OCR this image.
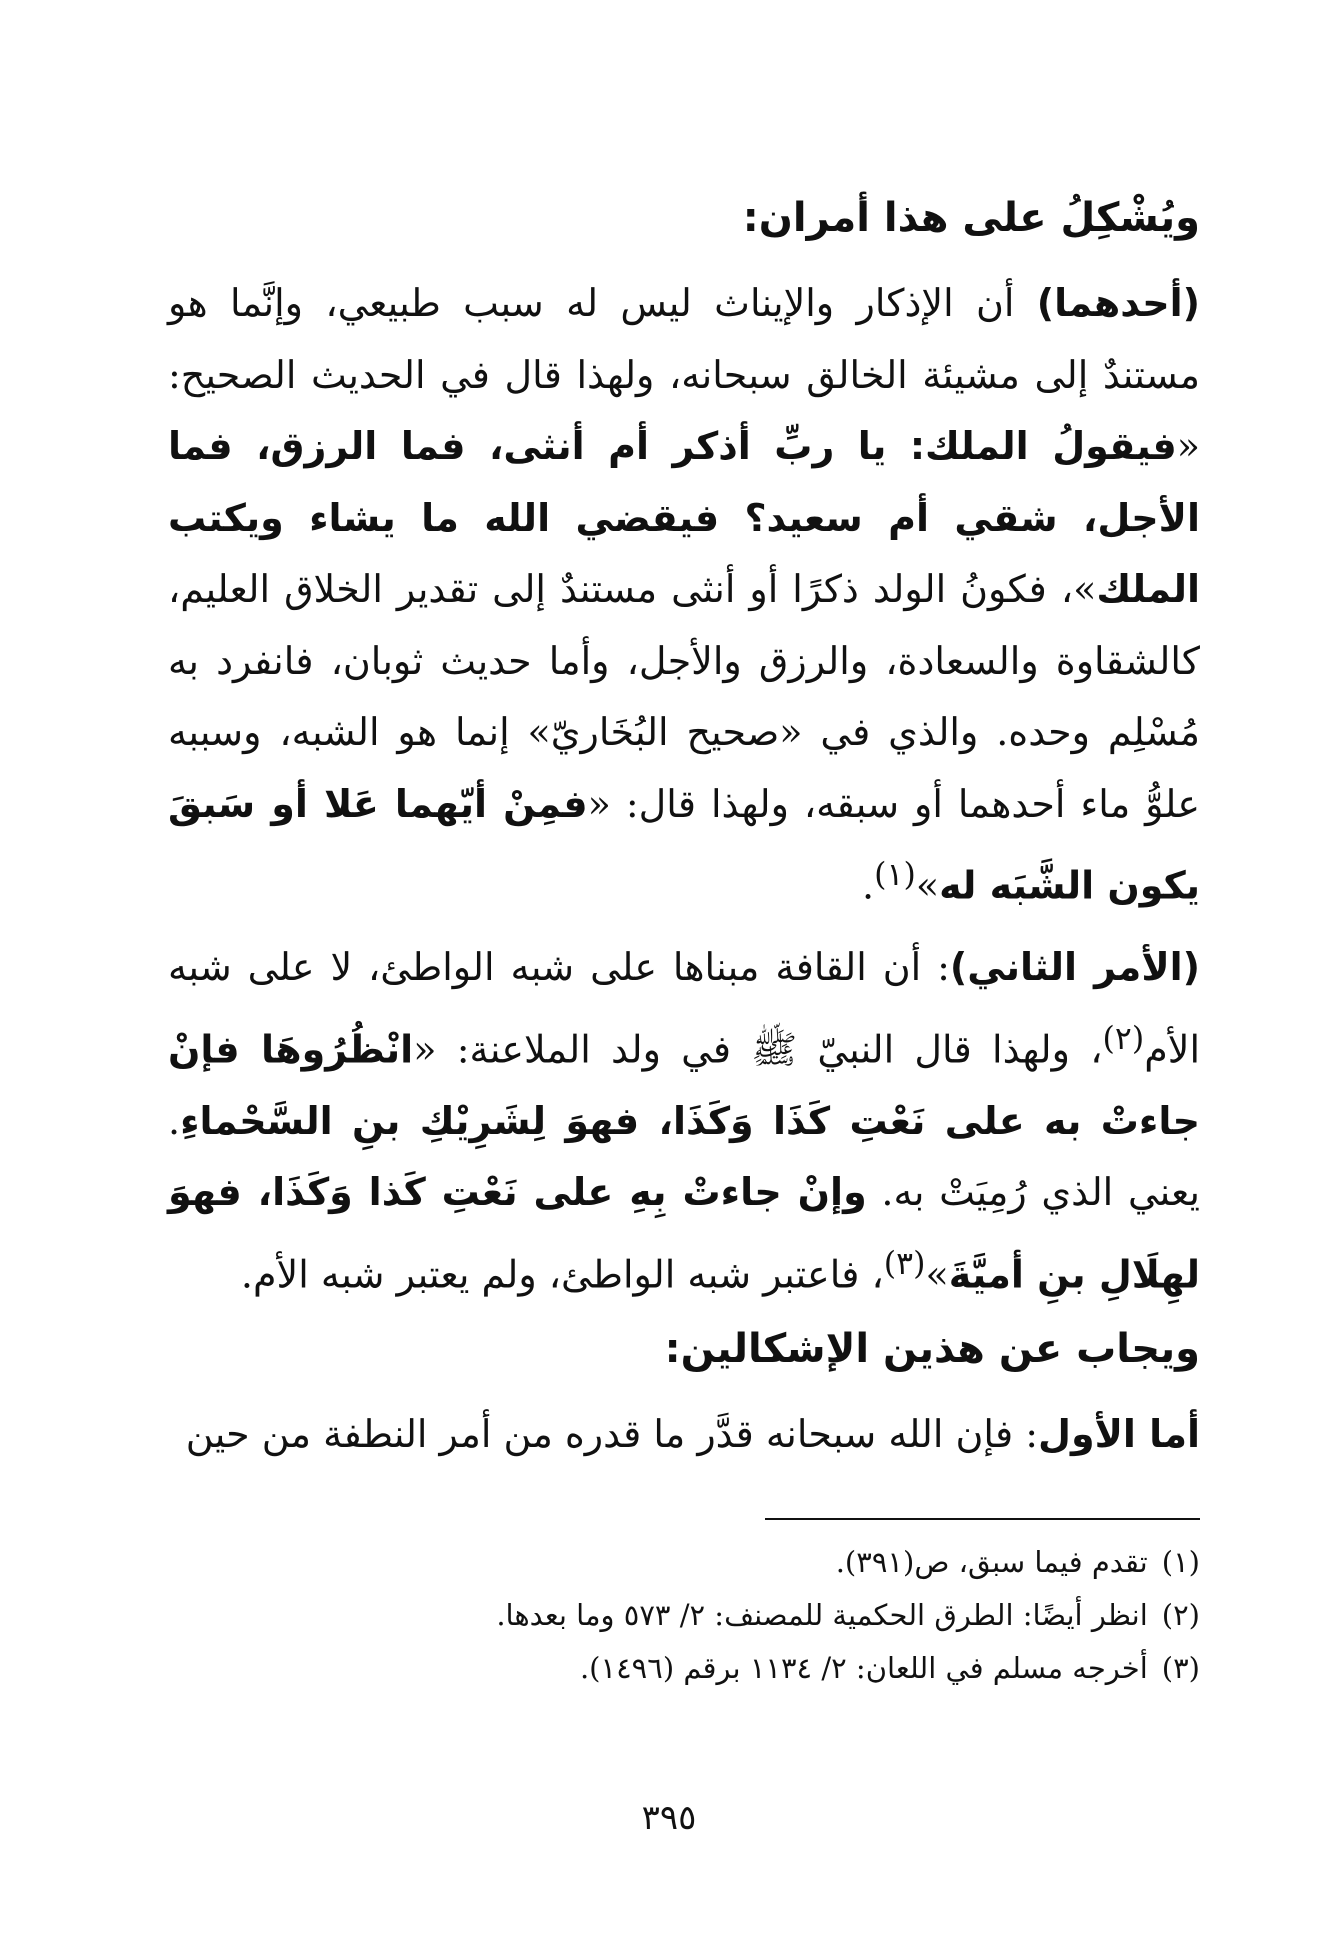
ويُشْكِلُ على هذا أمران:

(أحدهما) أن الإذكار والإيناث ليس له سبب طبيعي، وإنَّما هو مستندٌ إلى مشيئة الخالق سبحانه، ولهذا قال في الحديث الصحيح: «فيقولُ الملك: يا ربِّ أذكر أم أنثى، فما الرزق، فما الأجل، شقي أم سعيد؟ فيقضي الله ما يشاء ويكتب الملك»، فكونُ الولد ذكرًا أو أنثى مستندٌ إلى تقدير الخلاق العليم، كالشقاوة والسعادة، والرزق والأجل، وأما حديث ثوبان، فانفرد به مُسْلِم وحده. والذي في «صحيح البُخَاريّ» إنما هو الشبه، وسببه علوُّ ماء أحدهما أو سبقه، ولهذا قال: «فمِنْ أيّهما عَلا أو سَبقَ يكون الشَّبَه له»$^{(١)}$.

(الأمر الثاني): أن القافة مبناها على شبه الواطئ، لا على شبه الأم$^{(٢)}$، ولهذا قال النبيّ ﷺ في ولد الملاعنة: «انْظُرُوهَا فإنْ جاءتْ به على نَعْتِ كَذَا وَكَذَا، فهوَ لِشَرِيْكِ بنِ السَّحْماءِ. يعني الذي رُمِيَتْ به. وإنْ جاءتْ بِهِ على نَعْتِ كَذا وَكَذَا، فهوَ لهِلَالِ بنِ أميَّةَ»$^{(٣)}$، فاعتبر شبه الواطئ، ولم يعتبر شبه الأم.

ويجاب عن هذين الإشكالين:

أما الأول: فإن الله سبحانه قدَّر ما قدره من أمر النطفة من حين

(١)تقدم فيما سبق، ص(٣٩١).
(٢)انظر أيضًا: الطرق الحكمية للمصنف: ٢/ ٥٧٣ وما بعدها.
(٣)أخرجه مسلم في اللعان: ٢/ ١١٣٤ برقم (١٤٩٦).
٣٩٥
